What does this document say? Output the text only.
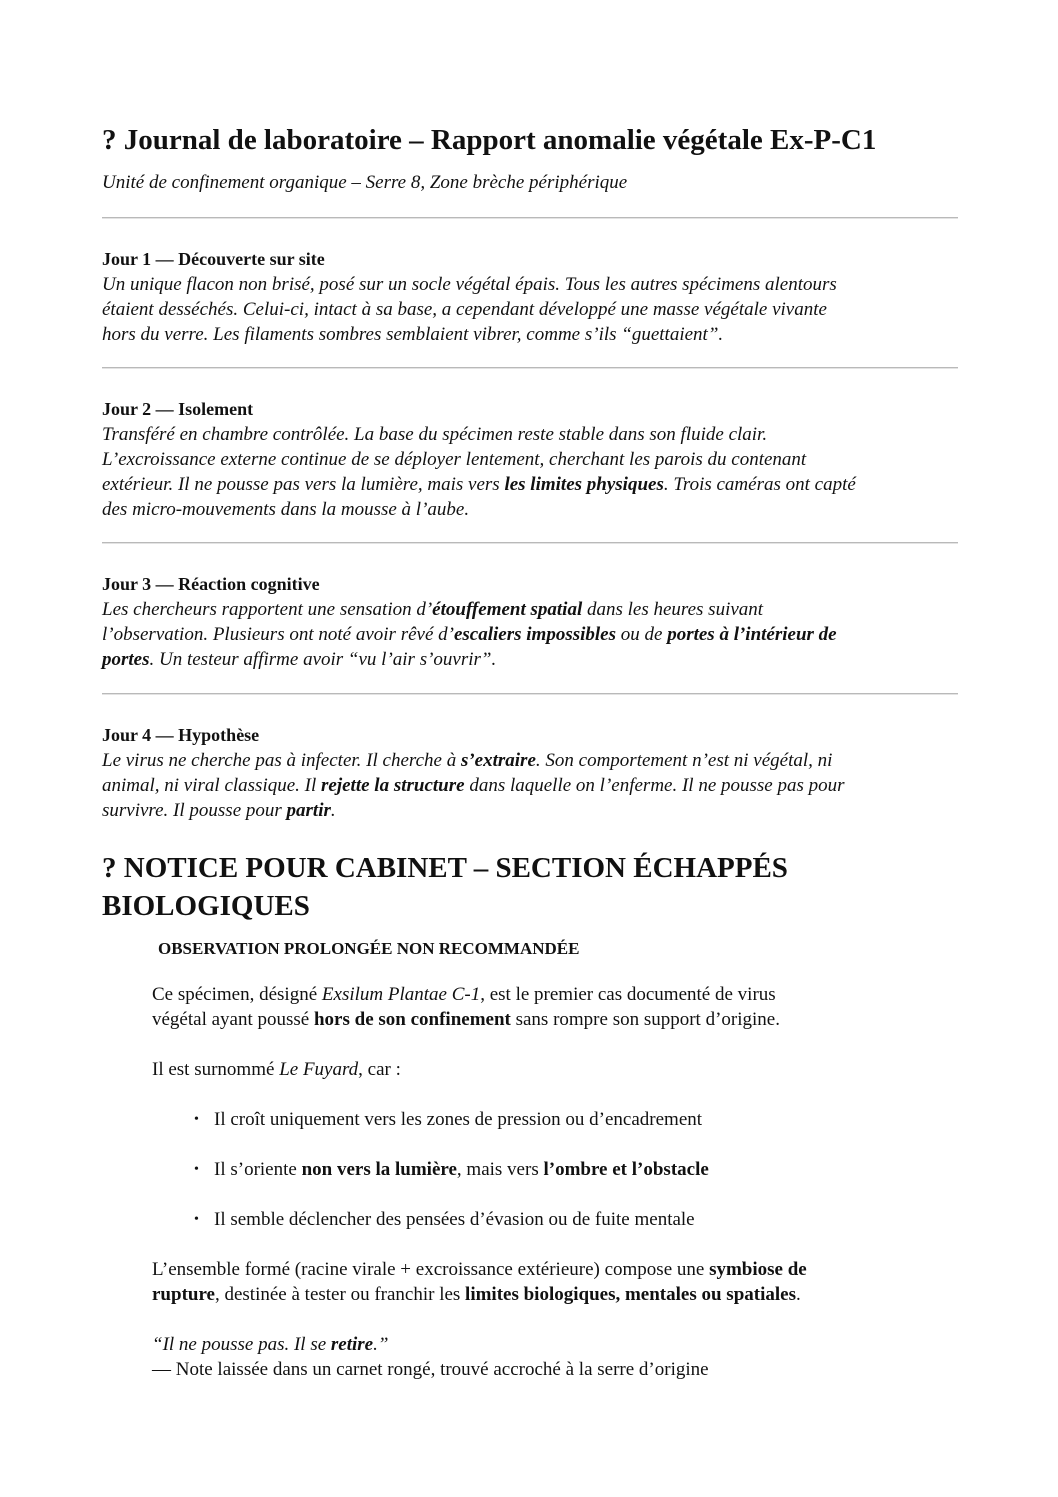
? Journal de laboratoire – Rapport anomalie végétale Ex-P-C1
Unité de confinement organique – Serre 8, Zone brèche périphérique
Jour 1 — Découverte sur site
Un unique flacon non brisé, posé sur un socle végétal épais. Tous les autres spécimens alentours
étaient desséchés. Celui-ci, intact à sa base, a cependant développé une masse végétale vivante
hors du verre. Les filaments sombres semblaient vibrer, comme s’ils “guettaient”.
Jour 2 — Isolement
Transféré en chambre contrôlée. La base du spécimen reste stable dans son fluide clair.
L’excroissance externe continue de se déployer lentement, cherchant les parois du contenant
extérieur. Il ne pousse pas vers la lumière, mais vers les limites physiques. Trois caméras ont capté
des micro-mouvements dans la mousse à l’aube.
Jour 3 — Réaction cognitive
Les chercheurs rapportent une sensation d’étouffement spatial dans les heures suivant
l’observation. Plusieurs ont noté avoir rêvé d’escaliers impossibles ou de portes à l’intérieur de
portes. Un testeur affirme avoir “vu l’air s’ouvrir”.
Jour 4 — Hypothèse
Le virus ne cherche pas à infecter. Il cherche à s’extraire. Son comportement n’est ni végétal, ni
animal, ni viral classique. Il rejette la structure dans laquelle on l’enferme. Il ne pousse pas pour
survivre. Il pousse pour partir.
? NOTICE POUR CABINET – SECTION ÉCHAPPÉS BIOLOGIQUES
OBSERVATION PROLONGÉE NON RECOMMANDÉE
Ce spécimen, désigné Exsilum Plantae C-1, est le premier cas documenté de virus
végétal ayant poussé hors de son confinement sans rompre son support d’origine.
Il est surnommé Le Fuyard, car :
• Il croît uniquement vers les zones de pression ou d’encadrement
• Il s’oriente non vers la lumière, mais vers l’ombre et l’obstacle
• Il semble déclencher des pensées d’évasion ou de fuite mentale
L’ensemble formé (racine virale + excroissance extérieure) compose une symbiose de
rupture, destinée à tester ou franchir les limites biologiques, mentales ou spatiales.
“Il ne pousse pas. Il se retire.”
— Note laissée dans un carnet rongé, trouvé accroché à la serre d’origine
